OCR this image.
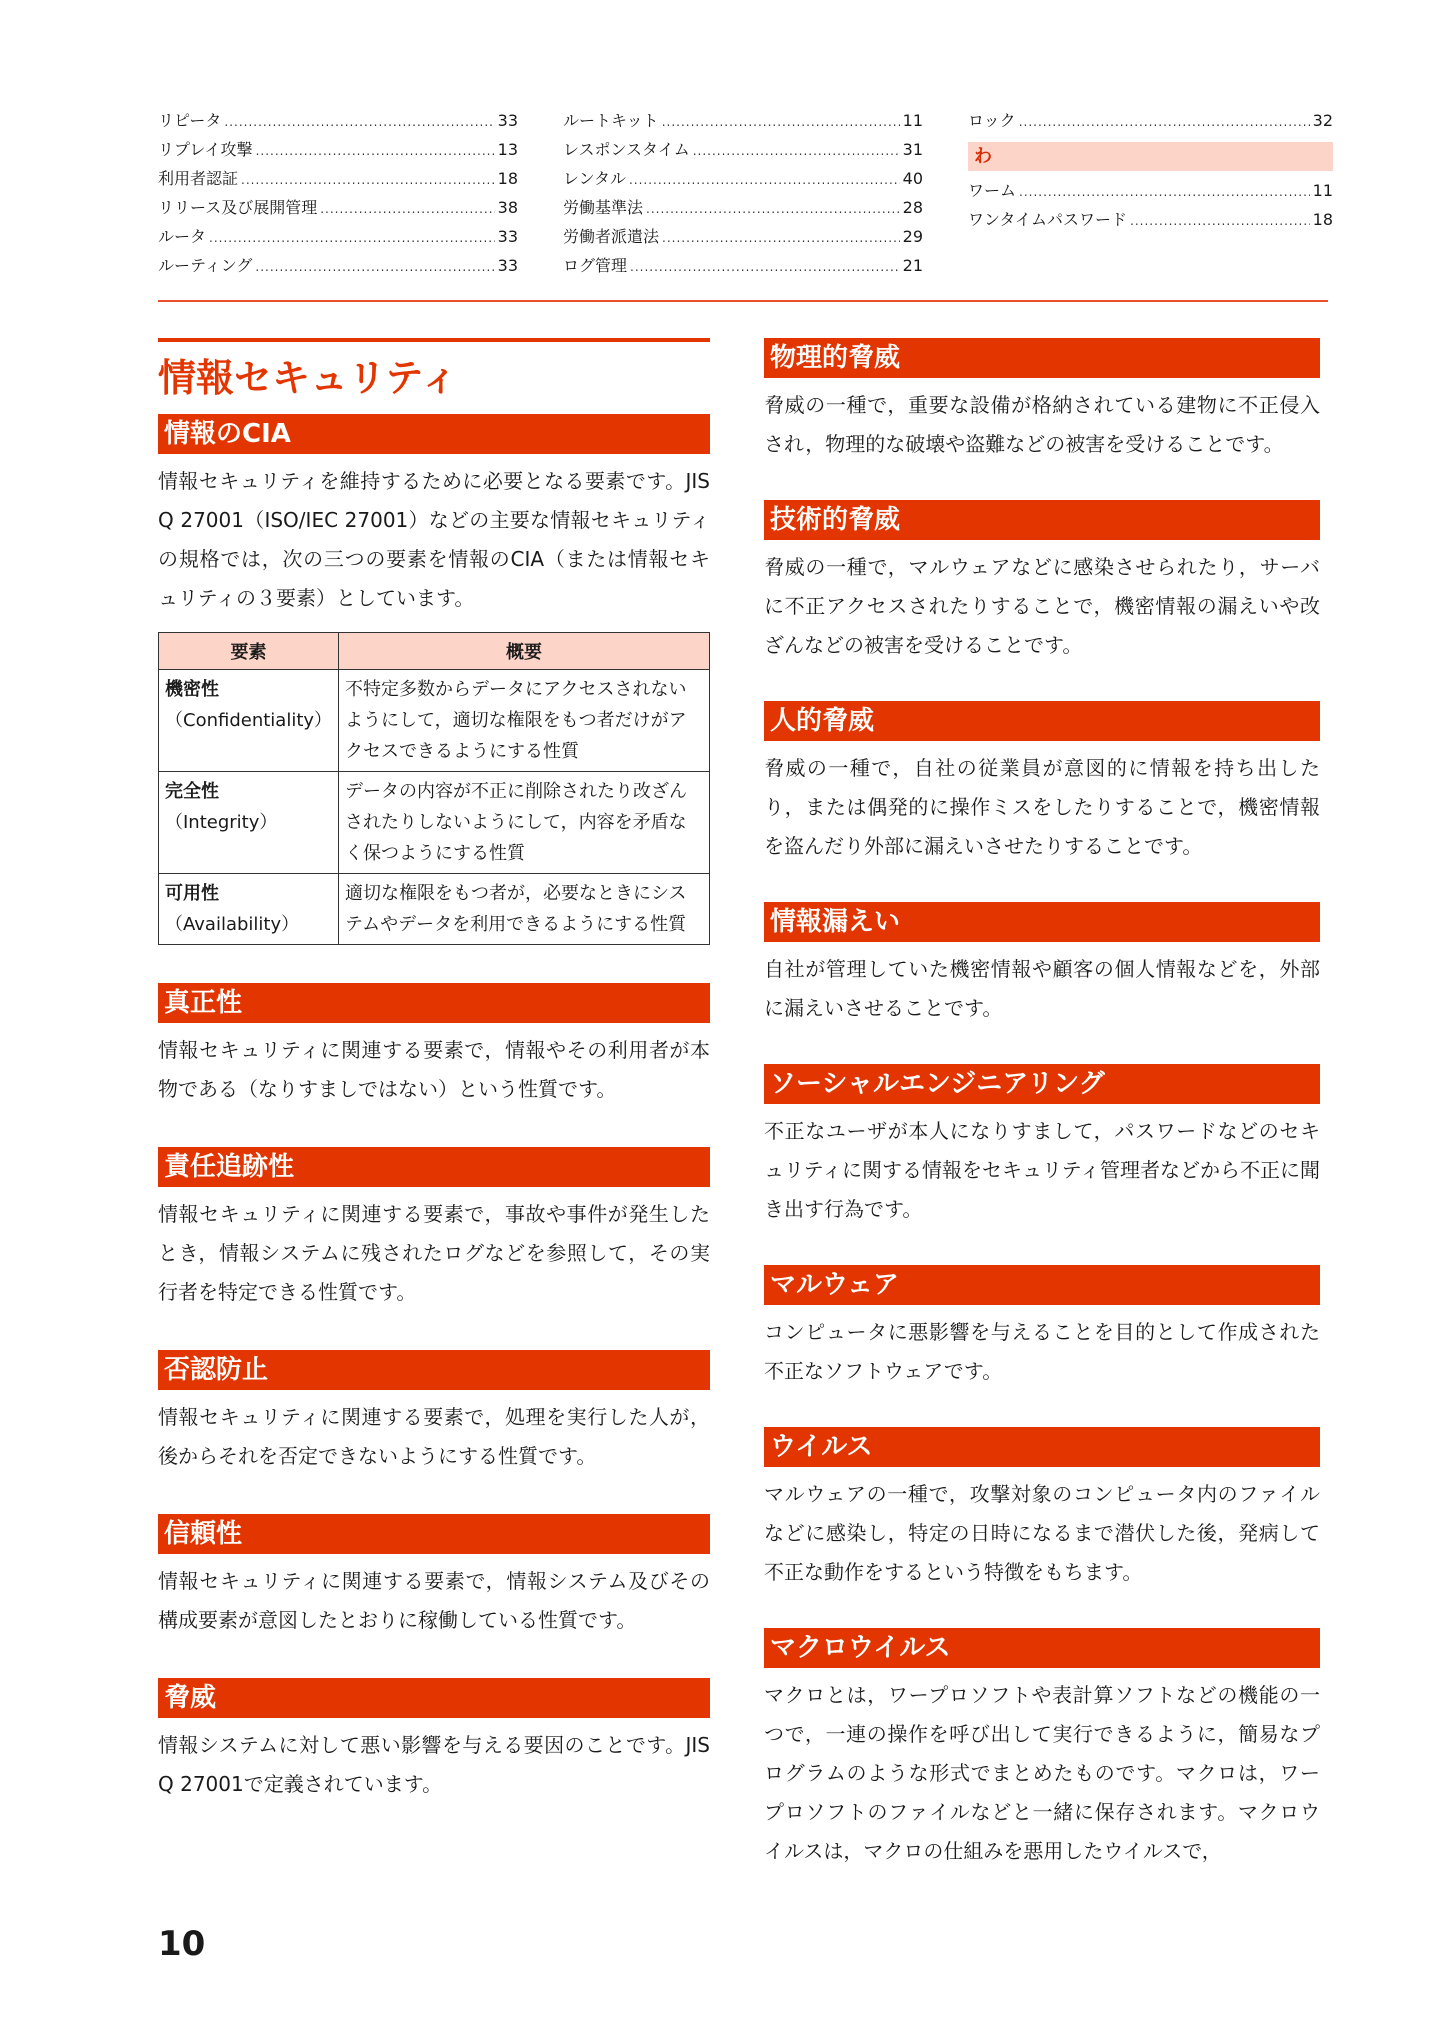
リピータ .....	33
リプレイ攻撃 .....	13
利用者認証 .....	18
リリース及び展開管理 .....	38
ルータ .....	33
ルーティング .....	33
ルートキット .....	11
レスポンスタイム .....	31
レンタル .....	40
労働基準法 .....	28
労働者派遣法 .....	29
ログ管理 .....	21
ロック .....	32
わ
ワーム .....	11
ワンタイムパスワード .....	18
情報セキュリティ
情報のCIA

情報セキュリティを維持するために必要となる要素です。JIS Q 27001（ISO/IEC 27001）などの主要な情報セキュリティの規格では，次の三つの要素を情報のCIA（または情報セキュリティの３要素）としています。

要素	概要

機密性
（Confidentiality）	不特定多数からデータにアクセスされないようにして，適切な権限をもつ者だけがアクセスできるようにする性質

完全性
（Integrity）	データの内容が不正に削除されたり改ざんされたりしないようにして，内容を矛盾なく保つようにする性質

可用性
（Availability）	適切な権限をもつ者が，必要なときにシステムやデータを利用できるようにする性質
真正性

情報セキュリティに関連する要素で，情報やその利用者が本物である（なりすましではない）という性質です。

責任追跡性

情報セキュリティに関連する要素で，事故や事件が発生したとき，情報システムに残されたログなどを参照して，その実行者を特定できる性質です。

否認防止

情報セキュリティに関連する要素で，処理を実行した人が，後からそれを否定できないようにする性質です。

信頼性

情報セキュリティに関連する要素で，情報システム及びその構成要素が意図したとおりに稼働している性質です。

脅威

情報システムに対して悪い影響を与える要因のことです。JIS Q 27001で定義されています。

物理的脅威

脅威の一種で，重要な設備が格納されている建物に不正侵入され，物理的な破壊や盗難などの被害を受けることです。

技術的脅威

脅威の一種で，マルウェアなどに感染させられたり，サーバに不正アクセスされたりすることで，機密情報の漏えいや改ざんなどの被害を受けることです。

人的脅威

脅威の一種で，自社の従業員が意図的に情報を持ち出したり，または偶発的に操作ミスをしたりすることで，機密情報を盗んだり外部に漏えいさせたりすることです。

情報漏えい

自社が管理していた機密情報や顧客の個人情報などを，外部に漏えいさせることです。

ソーシャルエンジニアリング

不正なユーザが本人になりすまして，パスワードなどのセキュリティに関する情報をセキュリティ管理者などから不正に聞き出す行為です。

マルウェア

コンピュータに悪影響を与えることを目的として作成された不正なソフトウェアです。

ウイルス

マルウェアの一種で，攻撃対象のコンピュータ内のファイルなどに感染し，特定の日時になるまで潜伏した後，発病して不正な動作をするという特徴をもちます。

マクロウイルス

マクロとは，ワープロソフトや表計算ソフトなどの機能の一つで，一連の操作を呼び出して実行できるように，簡易なプログラムのような形式でまとめたものです。マクロは，ワープロソフトのファイルなどと一緒に保存されます。マクロウイルスは，マクロの仕組みを悪用したウイルスで，

10
